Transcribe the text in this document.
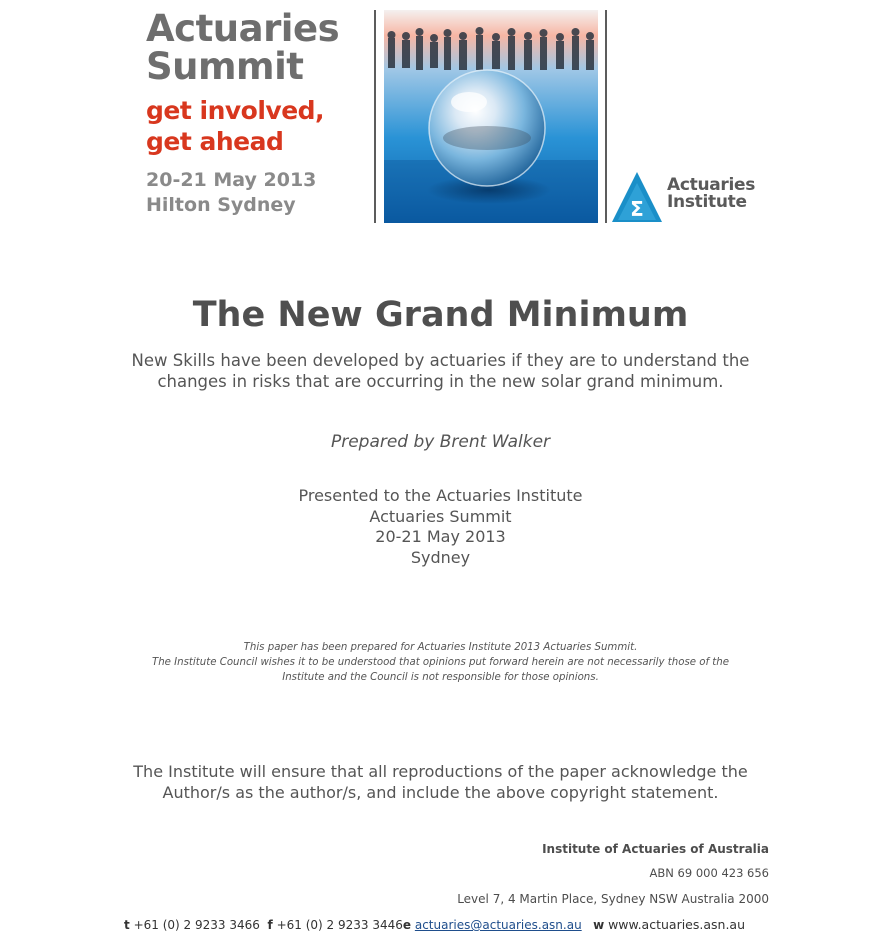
Actuaries
Summit
get involved,
get ahead
20-21 May 2013
Hilton Sydney	Σ
Actuaries
Institute
The New Grand Minimum
New Skills have been developed by actuaries if they are to understand the
changes in risks that are occurring in the new solar grand minimum.
Prepared by Brent Walker
Presented to the Actuaries Institute
Actuaries Summit
20-21 May 2013
Sydney
This paper has been prepared for Actuaries Institute 2013 Actuaries Summit.
The Institute Council wishes it to be understood that opinions put forward herein are not necessarily those of the
Institute and the Council is not responsible for those opinions.
The Institute will ensure that all reproductions of the paper acknowledge the
Author/s as the author/s, and include the above copyright statement.
Institute of Actuaries of Australia
ABN 69 000 423 656
Level 7, 4 Martin Place, Sydney NSW Australia 2000
t +61 (0) 2 9233 3466 f +61 (0) 2 9233 3446e actuaries@actuaries.asn.au w www.actuaries.asn.au
